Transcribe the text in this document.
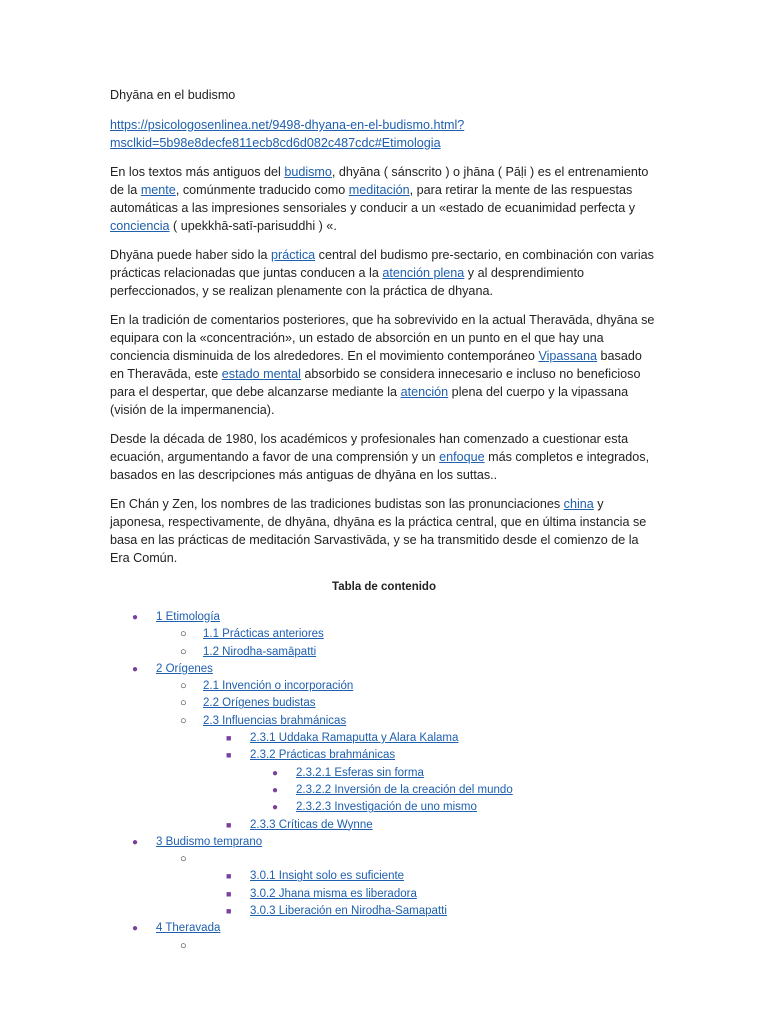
Dhyāna en el budismo

https://psicologosenlinea.net/9498-dhyana-en-el-budismo.html?
msclkid=5b98e8decfe811ecb8cd6d082c487cdc#Etimologia

En los textos más antiguos del budismo, dhyāna ( sánscrito ) o jhāna ( Pāḷi ) es el entrenamiento de la mente, comúnmente traducido como meditación, para retirar la mente de las respuestas automáticas a las impresiones sensoriales y conducir a un «estado de ecuanimidad perfecta y conciencia ( upekkhā-satī-parisuddhi ) «.

Dhyāna puede haber sido la práctica central del budismo pre-sectario, en combinación con varias prácticas relacionadas que juntas conducen a la atención plena y al desprendimiento perfeccionados, y se realizan plenamente con la práctica de dhyana.

En la tradición de comentarios posteriores, que ha sobrevivido en la actual Theravāda, dhyāna se equipara con la «concentración», un estado de absorción en un punto en el que hay una conciencia disminuida de los alrededores. En el movimiento contemporáneo Vipassana basado en Theravāda, este estado mental absorbido se considera innecesario e incluso no beneficioso para el despertar, que debe alcanzarse mediante la atención plena del cuerpo y la vipassana (visión de la impermanencia).

Desde la década de 1980, los académicos y profesionales han comenzado a cuestionar esta ecuación, argumentando a favor de una comprensión y un enfoque más completos e integrados, basados en las descripciones más antiguas de dhyāna en los suttas..

En Chán y Zen, los nombres de las tradiciones budistas son las pronunciaciones china y japonesa, respectivamente, de dhyāna, dhyāna es la práctica central, que en última instancia se basa en las prácticas de meditación Sarvastivāda, y se ha transmitido desde el comienzo de la Era Común.

Tabla de contenido
● 1 Etimología
○ 1.1 Prácticas anteriores
○ 1.2 Nirodha-samāpatti
● 2 Orígenes
○ 2.1 Invención o incorporación
○ 2.2 Orígenes budistas
○ 2.3 Influencias brahmánicas
■ 2.3.1 Uddaka Ramaputta y Alara Kalama
■ 2.3.2 Prácticas brahmánicas
● 2.3.2.1 Esferas sin forma
● 2.3.2.2 Inversión de la creación del mundo
● 2.3.2.3 Investigación de uno mismo
■ 2.3.3 Críticas de Wynne
● 3 Budismo temprano
○

■ 3.0.1 Insight solo es suficiente
■ 3.0.2 Jhana misma es liberadora
■ 3.0.3 Liberación en Nirodha-Samapatti
● 4 Theravada
○
